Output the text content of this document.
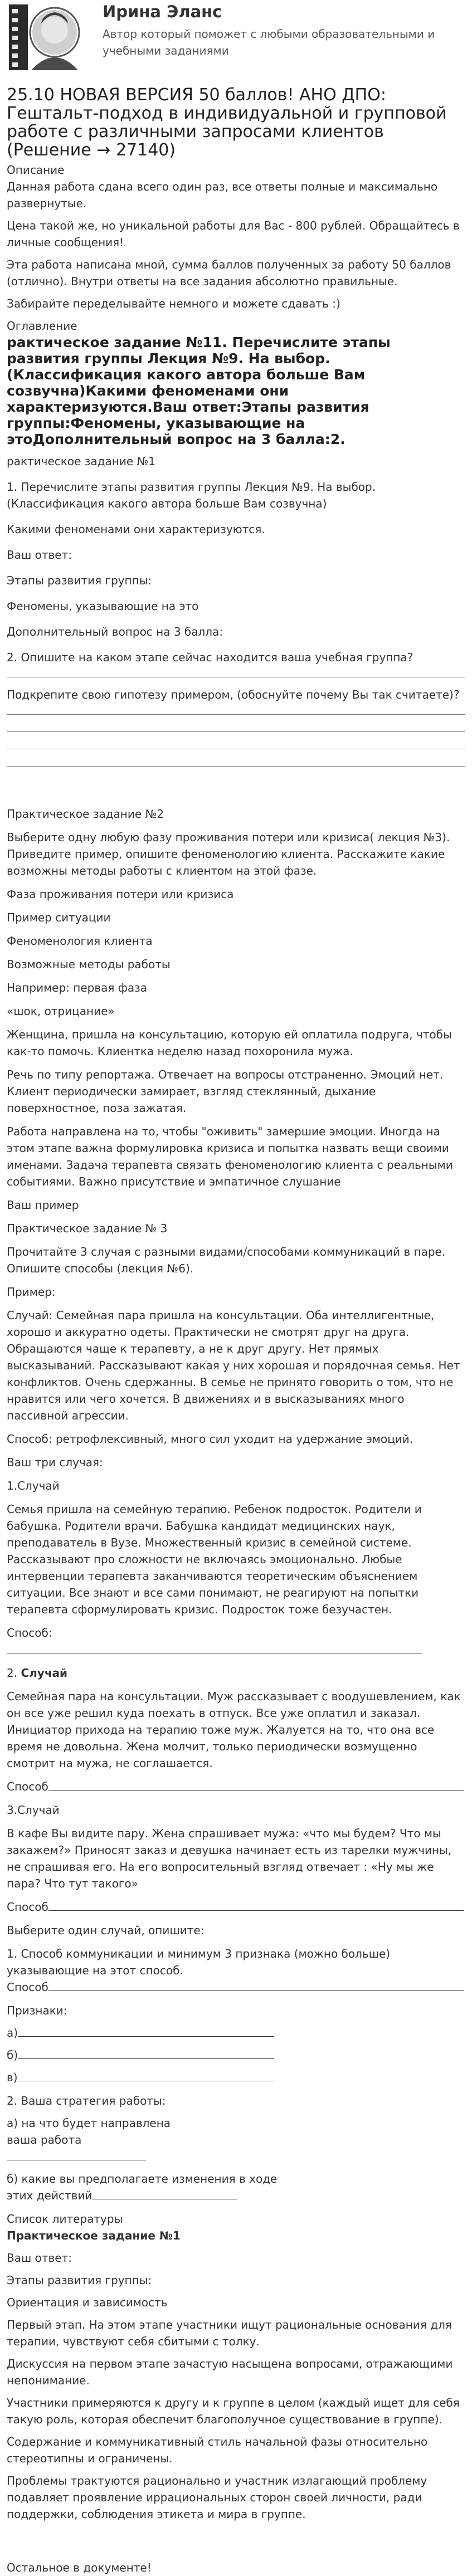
Ирина Эланс
Автор который поможет с любыми образовательными и учебными заданиями
25.10 НОВАЯ ВЕРСИЯ 50 баллов! АНО ДПО: Гештальт-подход в индивидуальной и групповой работе с различными запросами клиентов (Решение → 27140)

Описание

Данная работа сдана всего один раз, все ответы полные и максимально развернутые.

Цена такой же, но уникальной работы для Вас - 800 рублей. Обращайтесь в личные сообщения!

Эта работа написана мной, сумма баллов полученных за работу 50 баллов (отлично). Внутри ответы на все задания абсолютно правильные.

Забирайте переделывайте немного и можете сдавать :)

Оглавление

рактическое задание №11. Перечислите этапы развития группы Лекция №9. На выбор. (Классификация какого автора больше Вам созвучна)Какими феноменами они характеризуются.Ваш ответ:Этапы развития группы:Феномены, указывающие на этоДополнительный вопрос на 3 балла:2.

рактическое задание №1

1. Перечислите этапы развития группы Лекция №9. На выбор. (Классификация какого автора больше Вам созвучна)

Какими феноменами они характеризуются.

Ваш ответ:

Этапы развития группы:

Феномены, указывающие на это

Дополнительный вопрос на 3 балла:

2. Опишите на каком этапе сейчас находится ваша учебная группа?

Подкрепите свою гипотезу примером, (обоснуйте почему Вы так считаете)?

Практическое задание №2

Выберите одну любую фазу проживания потери или кризиса( лекция №3). Приведите пример, опишите феноменологию клиента. Расскажите какие возможны методы работы с клиентом на этой фазе.

Фаза проживания потери или кризиса

Пример ситуации

Феноменология клиента

Возможные методы работы

Например: первая фаза

«шок, отрицание»

Женщина, пришла на консультацию, которую ей оплатила подруга, чтобы как-то помочь. Клиентка неделю назад похоронила мужа.

Речь по типу репортажа. Отвечает на вопросы отстраненно. Эмоций нет. Клиент периодически замирает, взгляд стеклянный, дыхание поверхностное, поза зажатая.

Работа направлена на то, чтобы "оживить" замершие эмоции. Иногда на этом этапе важна формулировка кризиса и попытка назвать вещи своими именами. Задача терапевта связать феноменологию клиента с реальными событиями. Важно присутствие и эмпатичное слушание

Ваш пример

Практическое задание № 3

Прочитайте 3 случая с разными видами/способами коммуникаций в паре. Опишите способы (лекция №6).

Пример:

Случай: Семейная пара пришла на консультации. Оба интеллигентные, хорошо и аккуратно одеты. Практически не смотрят друг на друга. Обращаются чаще к терапевту, а не к друг другу. Нет прямых высказываний. Рассказывают какая у них хорошая и порядочная семья. Нет конфликтов. Очень сдержанны. В семье не принято говорить о том, что не нравится или чего хочется. В движениях и в высказываниях много пассивной агрессии.

Способ: ретрофлексивный, много сил уходит на удержание эмоций.

Ваш три случая:

1.Случай

Семья пришла на семейную терапию. Ребенок подросток. Родители и бабушка. Родители врачи. Бабушка кандидат медицинских наук, преподаватель в Вузе. Множественный кризис в семейной системе. Рассказывают про сложности не включаясь эмоционально. Любые интервенции терапевта заканчиваются теоретическим объяснением ситуации. Все знают и все сами понимают, не реагируют на попытки терапевта сформулировать кризис. Подросток тоже безучастен.

Способ:

2. Случай

Семейная пара на консультации. Муж рассказывает с воодушевлением, как он все уже решил куда поехать в отпуск. Все уже оплатил и заказал. Инициатор прихода на терапию тоже муж. Жалуется на то, что она все время не довольна. Жена молчит, только периодически возмущенно смотрит на мужа, не соглашается.

Способ

3.Случай

В кафе Вы видите пару. Жена спрашивает мужа: «что мы будем? Что мы закажем?» Приносят заказ и девушка начинает есть из тарелки мужчины, не спрашивая его. На его вопросительный взгляд отвечает : «Ну мы же пара? Что тут такого»

Способ

Выберите один случай, опишите:

1. Способ коммуникации и минимум 3 признака (можно больше) указывающие на этот способ.

Способ

Признаки:

а)

б)

в)

2. Ваша стратегия работы:

а) на что будет направлена ваша работа

б) какие вы предполагаете изменения в ходе этих действий

Список литературы

Практическое задание №1

Ваш ответ:

Этапы развития группы:

Ориентация и зависимость

Первый этап. На этом этапе участники ищут рациональные основания для терапии, чувствуют себя сбитыми с толку.

Дискуссия на первом этапе зачастую насыщена вопросами, отражающими непонимание.

Участники примеряются к другу и к группе в целом (каждый ищет для себя такую роль, которая обеспечит благополучное существование в группе).

Содержание и коммуникативный стиль начальной фазы относительно стереотипны и ограничены.

Проблемы трактуются рационально и участник излагающий проблему подавляет проявление иррациональных сторон своей личности, ради поддержки, соблюдения этикета и мира в группе.

Остальное в документе!
